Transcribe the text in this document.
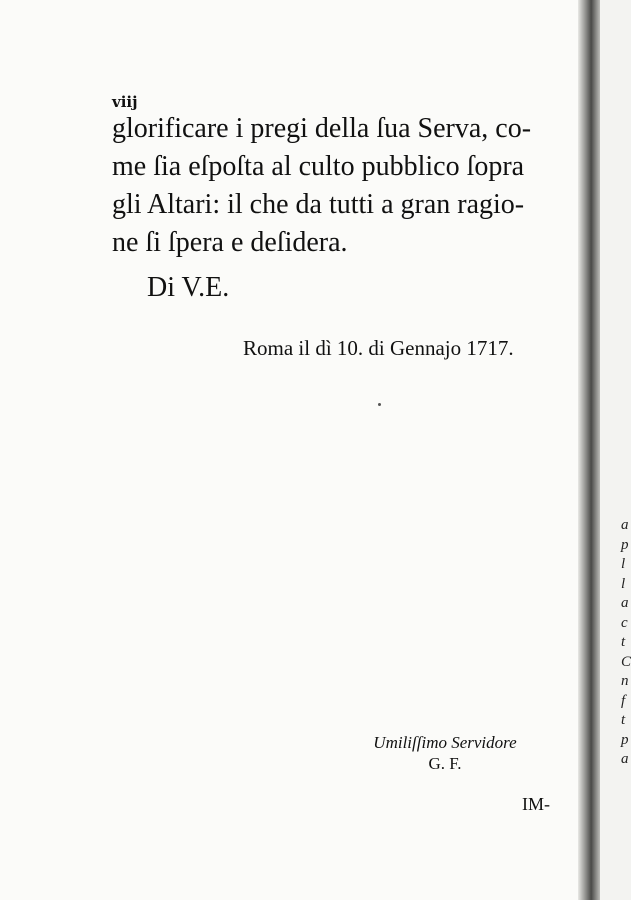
viij
glorificare i pregi della ſua Serva, co-
me ſia eſpoſta al culto pubblico ſopra
gli Altari: il che da tutti a gran ragio-
ne ſi ſpera e deſidera.
Di V.E.
Roma il dì 10. di Gennajo 1717.
Umiliſſimo Servidore
G. F.
IM-
a
p
l
l
a
c
t
C
n
f
t
p
a
